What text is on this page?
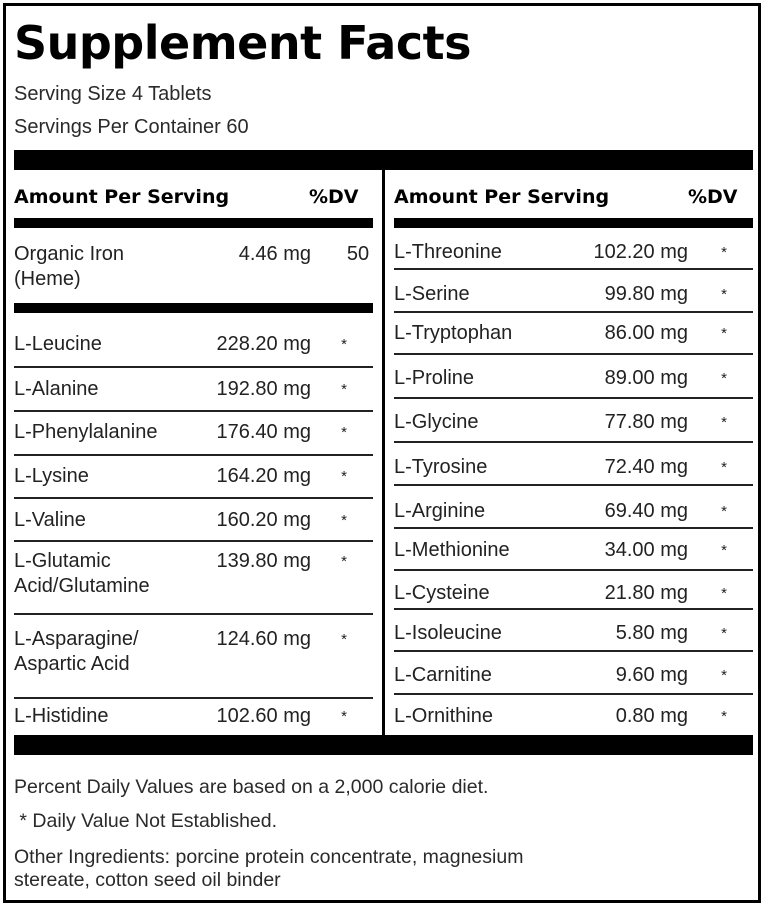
Supplement Facts
Serving Size 4 Tablets
Servings Per Container 60
Amount Per Serving	%DV Amount Per Serving	%DV
Organic Iron
(Heme)
4.46 mg 50
L-Leucine	228.20 mg	*
L-Alanine	192.80 mg	*
L-Phenylalanine	176.40 mg	*
L-Lysine	164.20 mg	*
L-Valine	160.20 mg	*
L-Glutamic
Acid/Glutamine
139.80 mg	*
L-Asparagine/
Aspartic Acid
124.60 mg	*
L-Histidine	102.60 mg	*
L-Threonine	102.20 mg	*
L-Serine	99.80 mg	*
L-Tryptophan	86.00 mg	*
L-Proline	89.00 mg	*
L-Glycine	77.80 mg	*
L-Tyrosine	72.40 mg	*
L-Arginine	69.40 mg	*
L-Methionine	34.00 mg	*
L-Cysteine	21.80 mg	*
L-Isoleucine	5.80 mg	*
L-Carnitine	9.60 mg	*
L-Ornithine	0.80 mg	*
Percent Daily Values are based on a 2,000 calorie diet.
* Daily Value Not Established.
Other Ingredients: porcine protein concentrate, magnesium
stereate, cotton seed oil binder
